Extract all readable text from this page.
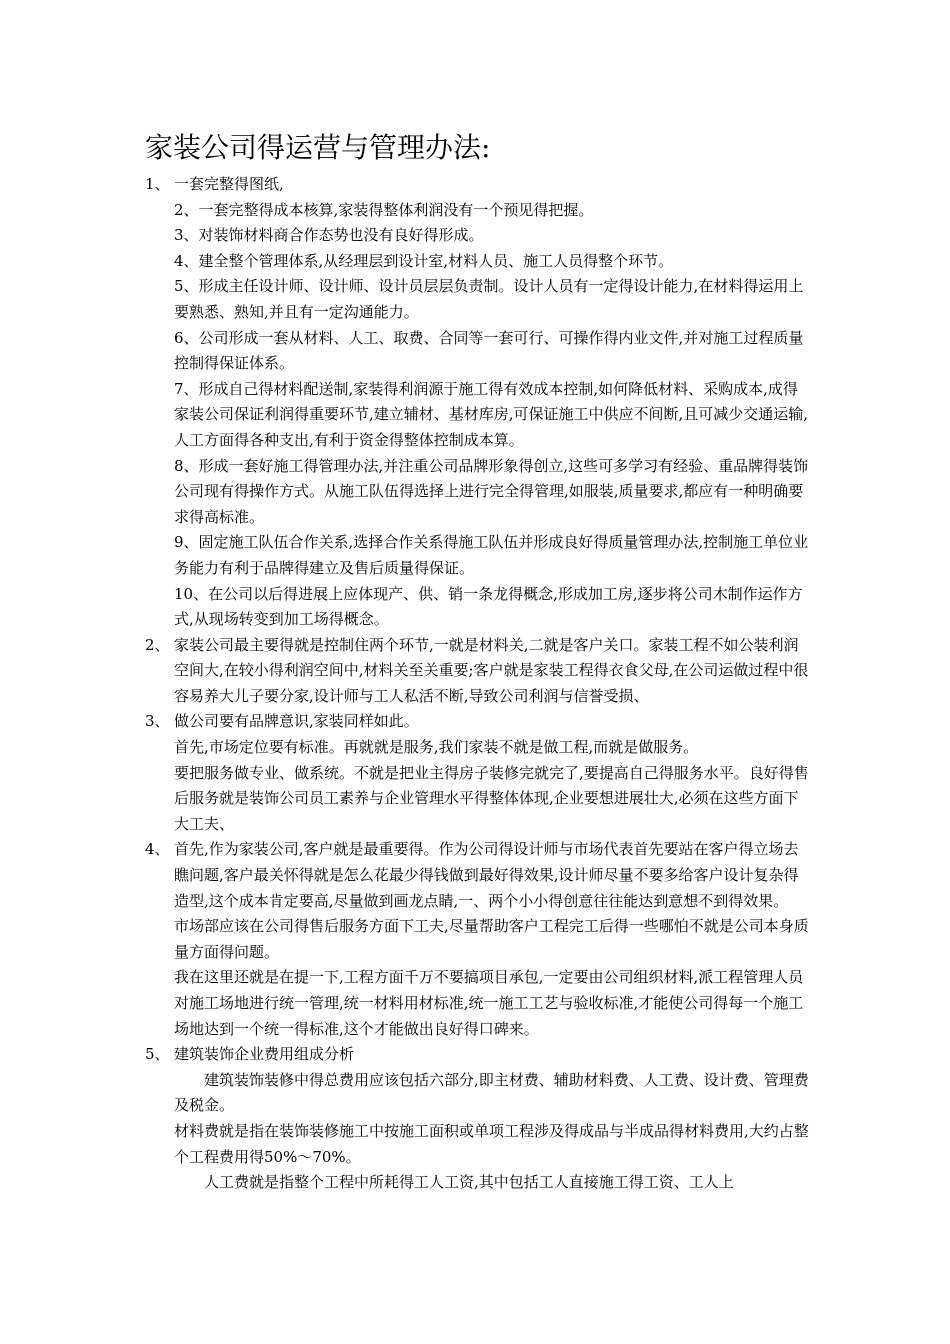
家装公司得运营与管理办法:
1、 一套完整得图纸,

2、一套完整得成本核算,家装得整体利润没有一个预见得把握。

3、对装饰材料商合作态势也没有良好得形成。

4、建全整个管理体系,从经理层到设计室,材料人员、施工人员得整个环节。

5、形成主任设计师、设计师、设计员层层负责制。设计人员有一定得设计能力,在材料得运用上要熟悉、熟知,并且有一定沟通能力。

6、公司形成一套从材料、人工、取费、合同等一套可行、可操作得内业文件,并对施工过程质量控制得保证体系。

7、形成自己得材料配送制,家装得利润源于施工得有效成本控制,如何降低材料、采购成本,成得家装公司保证利润得重要环节,建立辅材、基材库房,可保证施工中供应不间断,且可减少交通运输,人工方面得各种支出,有利于资金得整体控制成本算。

8、形成一套好施工得管理办法,并注重公司品牌形象得创立,这些可多学习有经验、重品牌得装饰公司现有得操作方式。从施工队伍得选择上进行完全得管理,如服装,质量要求,都应有一种明确要求得高标准。

9、固定施工队伍合作关系,选择合作关系得施工队伍并形成良好得质量管理办法,控制施工单位业务能力有利于品牌得建立及售后质量得保证。

10、在公司以后得进展上应体现产、供、销一条龙得概念,形成加工房,逐步将公司木制作运作方式,从现场转变到加工场得概念。

2、 家装公司最主要得就是控制住两个环节,一就是材料关,二就是客户关口。家装工程不如公装利润空间大,在较小得利润空间中,材料关至关重要;客户就是家装工程得衣食父母,在公司运做过程中很容易养大儿子要分家,设计师与工人私活不断,导致公司利润与信誉受损、

3、 做公司要有品牌意识,家装同样如此。

首先,市场定位要有标准。再就就是服务,我们家装不就是做工程,而就是做服务。

要把服务做专业、做系统。不就是把业主得房子装修完就完了,要提高自己得服务水平。良好得售后服务就是装饰公司员工素养与企业管理水平得整体体现,企业要想进展壮大,必须在这些方面下大工夫、

4、 首先,作为家装公司,客户就是最重要得。作为公司得设计师与市场代表首先要站在客户得立场去瞧问题,客户最关怀得就是怎么花最少得钱做到最好得效果,设计师尽量不要多给客户设计复杂得造型,这个成本肯定要高,尽量做到画龙点睛,一、两个小小得创意往往能达到意想不到得效果。

市场部应该在公司得售后服务方面下工夫,尽量帮助客户工程完工后得一些哪怕不就是公司本身质量方面得问题。

我在这里还就是在提一下,工程方面千万不要搞项目承包,一定要由公司组织材料,派工程管理人员对施工场地进行统一管理,统一材料用材标准,统一施工工艺与验收标准,才能使公司得每一个施工场地达到一个统一得标准,这个才能做出良好得口碑来。

5、 建筑装饰企业费用组成分析

建筑装饰装修中得总费用应该包括六部分,即主材费、辅助材料费、人工费、设计费、管理费及税金。

材料费就是指在装饰装修施工中按施工面积或单项工程涉及得成品与半成品得材料费用,大约占整个工程费用得50%～70%。

人工费就是指整个工程中所耗得工人工资,其中包括工人直接施工得工资、工人上
